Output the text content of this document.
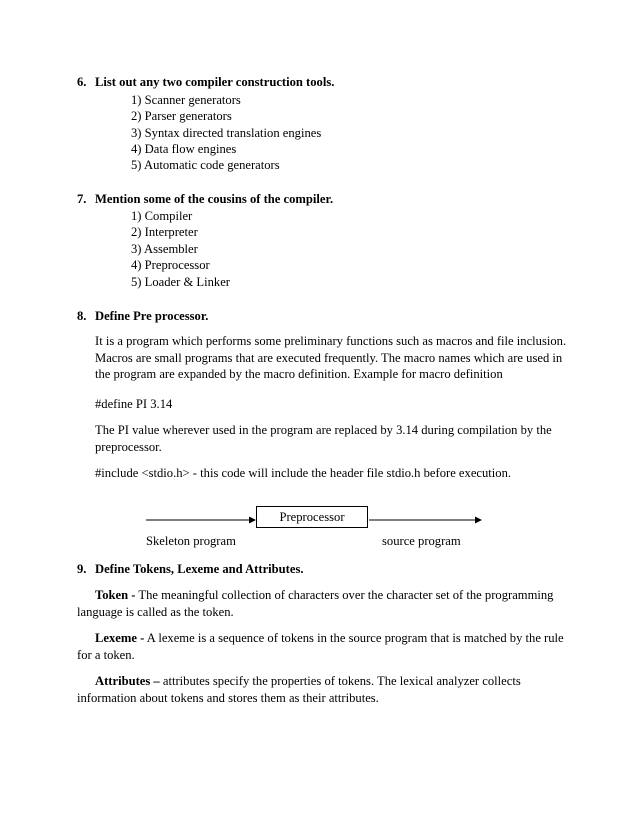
6. List out any two compiler construction tools.
1) Scanner generators
2) Parser generators
3) Syntax directed translation engines
4) Data flow engines
5) Automatic code generators
7. Mention some of the cousins of the compiler.
1) Compiler
2) Interpreter
3) Assembler
4) Preprocessor
5) Loader & Linker
8. Define Pre processor.
It is a program which performs some preliminary functions such as macros and file inclusion. Macros are small programs that are executed frequently. The macro names which are used in the program are expanded by the macro definition. Example for macro definition
#define PI 3.14
The PI value wherever used in the program are replaced by 3.14 during compilation by the preprocessor.
#include <stdio.h> - this code will include the header file stdio.h before execution.
Preprocessor
Skeleton program	source program
9. Define Tokens, Lexeme and Attributes.
Token - The meaningful collection of characters over the character set of the programming language is called as the token.
Lexeme - A lexeme is a sequence of tokens in the source program that is matched by the rule for a token.
Attributes – attributes specify the properties of tokens. The lexical analyzer collects information about tokens and stores them as their attributes.
